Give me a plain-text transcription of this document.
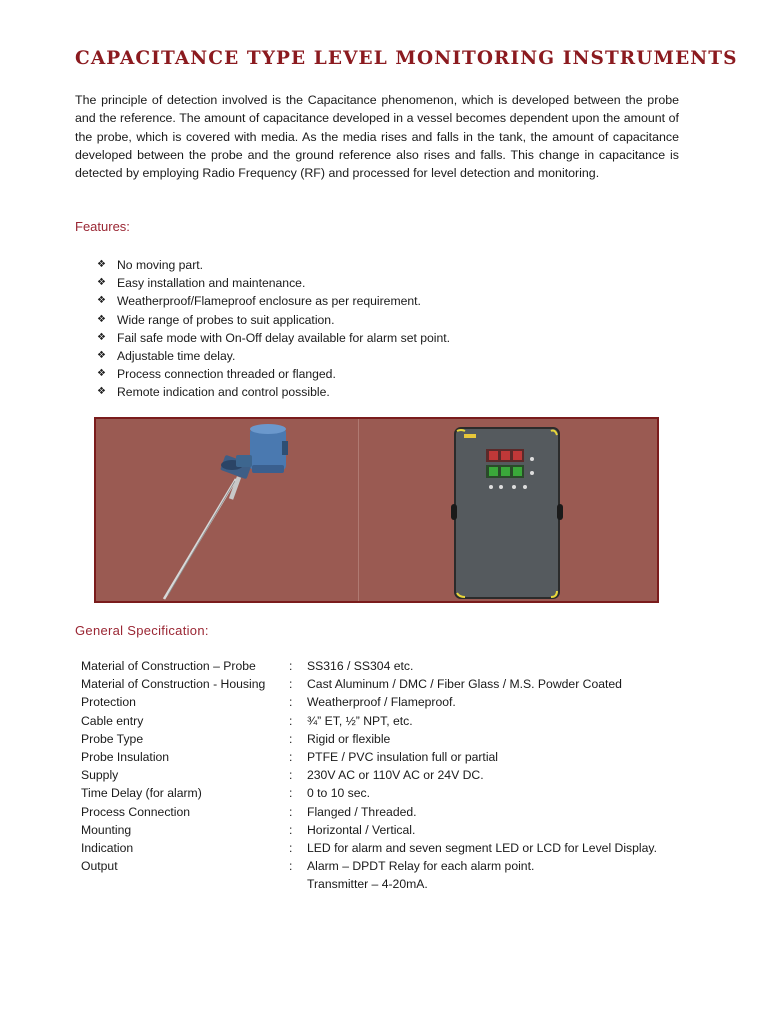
CAPACITANCE TYPE LEVEL MONITORING INSTRUMENTS

The principle of detection involved is the Capacitance phenomenon, which is developed between the probe and the reference. The amount of capacitance developed in a vessel becomes dependent upon the amount of the probe, which is covered with media. As the media rises and falls in the tank, the amount of capacitance developed between the probe and the ground reference also rises and falls. This change in capacitance is detected by employing Radio Frequency (RF) and processed for level detection and monitoring.

Features:
❖ No moving part.
❖ Easy installation and maintenance.
❖ Weatherproof/Flameproof enclosure as per requirement.
❖ Wide range of probes to suit application.
❖ Fail safe mode with On-Off delay available for alarm set point.
❖ Adjustable time delay.
❖ Process connection threaded or flanged.
❖ Remote indication and control possible.
General Specification:
Material of Construction – Probe	:	SS316 / SS304 etc.
Material of Construction - Housing	:	Cast Aluminum / DMC / Fiber Glass / M.S. Powder Coated
Protection	:	Weatherproof / Flameproof.
Cable entry	:	¾” ET, ½” NPT, etc.
Probe Type	:	Rigid or flexible
Probe Insulation	:	PTFE / PVC insulation full or partial
Supply	:	230V AC or 110V AC or 24V DC.
Time Delay (for alarm)	:	0 to 10 sec.
Process Connection	:	Flanged / Threaded.
Mounting	:	Horizontal / Vertical.
Indication	:	LED for alarm and seven segment LED or LCD for Level Display.
Output	:	Alarm – DPDT Relay for each alarm point.
Transmitter – 4-20mA.
